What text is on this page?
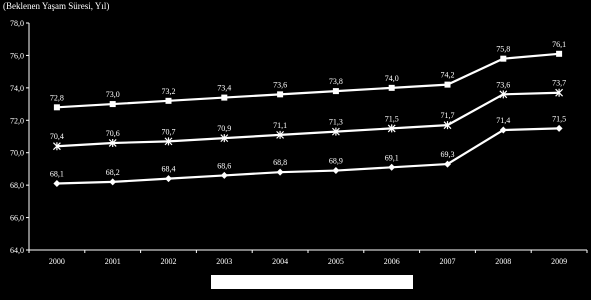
(Beklenen Yaşam Süresi, Yıl)
64,0
66,0
68,0
70,0
72,0
74,0
76,0
78,0
2000	2001	2002	2003	2004	2005	2006	2007	2008	2009
72,8	73,0	73,2	73,4	73,6	73,8	74,0	74,2
75,8
76,1
70,4	70,6	70,7	70,9	71,1	71,3	71,5	71,7
73,6	73,7
68,1	68,2	68,4	68,6	68,8	68,9	69,1	69,3
71,4	71,5
